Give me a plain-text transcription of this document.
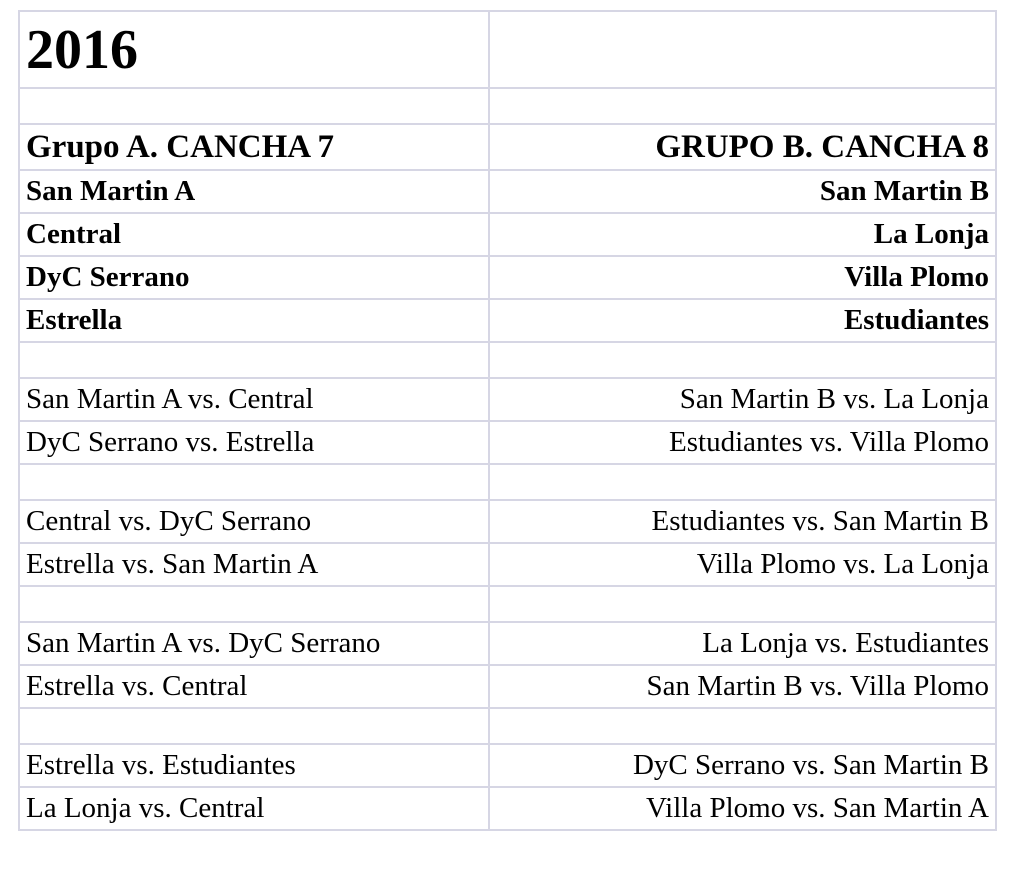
2016	

Grupo A. CANCHA 7	GRUPO B. CANCHA 8
San Martin A	San Martin B
Central	La Lonja
DyC Serrano	Villa Plomo
Estrella	Estudiantes

San Martin A vs. Central	San Martin B vs. La Lonja
DyC Serrano vs. Estrella	Estudiantes vs. Villa Plomo

Central vs. DyC Serrano	Estudiantes vs. San Martin B
Estrella vs. San Martin A	Villa Plomo vs. La Lonja

San Martin A vs. DyC Serrano	La Lonja vs. Estudiantes
Estrella vs. Central	San Martin B vs. Villa Plomo

Estrella vs. Estudiantes	DyC Serrano vs. San Martin B
La Lonja vs. Central	Villa Plomo vs. San Martin A
